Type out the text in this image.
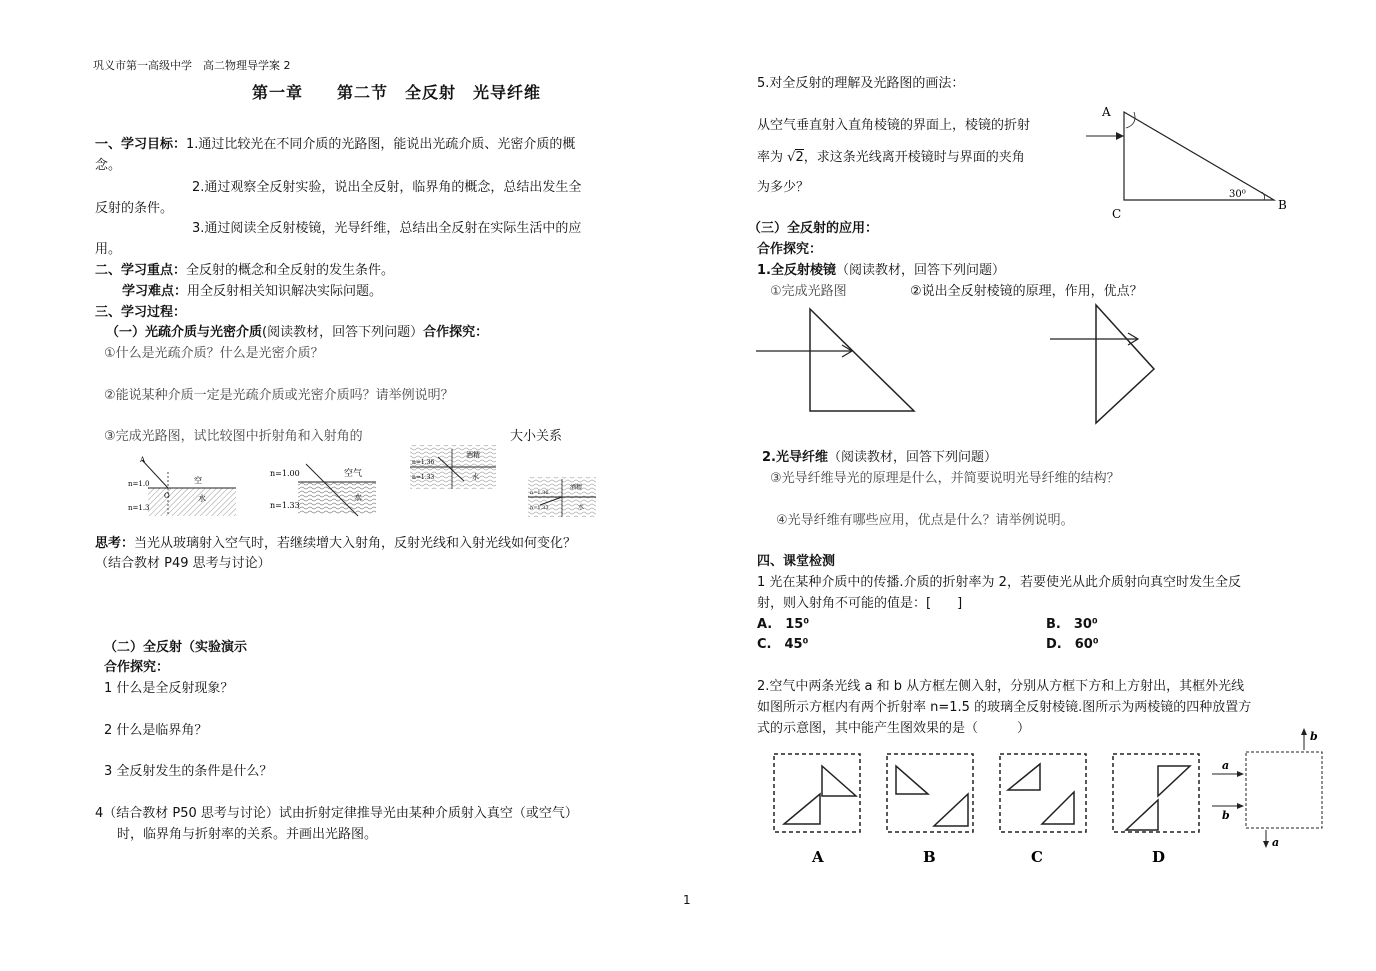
巩义市第一高级中学　高二物理导学案 2
第一章　　第二节　全反射　光导纤维
一、学习目标：1.通过比较光在不同介质的光路图，能说出光疏介质、光密介质的概
念。
2.通过观察全反射实验，说出全反射，临界角的概念，总结出发生全
反射的条件。
3.通过阅读全反射棱镜，光导纤维，总结出全反射在实际生活中的应
用。
二、学习重点：全反射的概念和全反射的发生条件。
学习难点：用全反射相关知识解决实际问题。
三、学习过程：
（一）光疏介质与光密介质(阅读教材，回答下列问题）合作探究：
①什么是光疏介质？什么是光密介质？
②能说某种介质一定是光疏介质或光密介质吗？请举例说明？
③完成光路图，试比较图中折射角和入射角的	大小关系
A
n=1.0
n=1.3
O
空
水
n=1.00
n=1.33
空气
水
n=1.36
n=1.33
酒精
水
n=1.36
n=1.33
酒精
水
思考：当光从玻璃射入空气时，若继续增大入射角，反射光线和入射光线如何变化？
（结合教材 P49 思考与讨论）
（二）全反射（实验演示
合作探究：
1 什么是全反射现象？
2 什么是临界角？
3 全反射发生的条件是什么？
4（结合教材 P50 思考与讨论）试由折射定律推导光由某种介质射入真空（或空气）
时，临界角与折射率的关系。并画出光路图。
5.对全反射的理解及光路图的画法：
从空气垂直射入直角棱镜的界面上，棱镜的折射
率为 √2，求这条光线离开棱镜时与界面的夹角
为多少？
A
B
C
30⁰
（三）全反射的应用：
合作探究：
1.全反射棱镜（阅读教材，回答下列问题）
①完成光路图	②说出全反射棱镜的原理，作用，优点？
2.光导纤维（阅读教材，回答下列问题）
③光导纤维导光的原理是什么，并简要说明光导纤维的结构？
④光导纤维有哪些应用，优点是什么？请举例说明。
四、课堂检测
1 光在某种介质中的传播.介质的折射率为 2，若要使光从此介质射向真空时发生全反
射，则入射角不可能的值是：[　　]
A.　15⁰	B.　30⁰
C.　45⁰	D.　60⁰
2.空气中两条光线 a 和 b 从方框左侧入射，分别从方框下方和上方射出，其框外光线
如图所示方框内有两个折射率 n=1.5 的玻璃全反射棱镜.图所示为两棱镜的四种放置方
式的示意图，其中能产生图效果的是（　　　）
A	B	C	D
a
b
b
a
1
